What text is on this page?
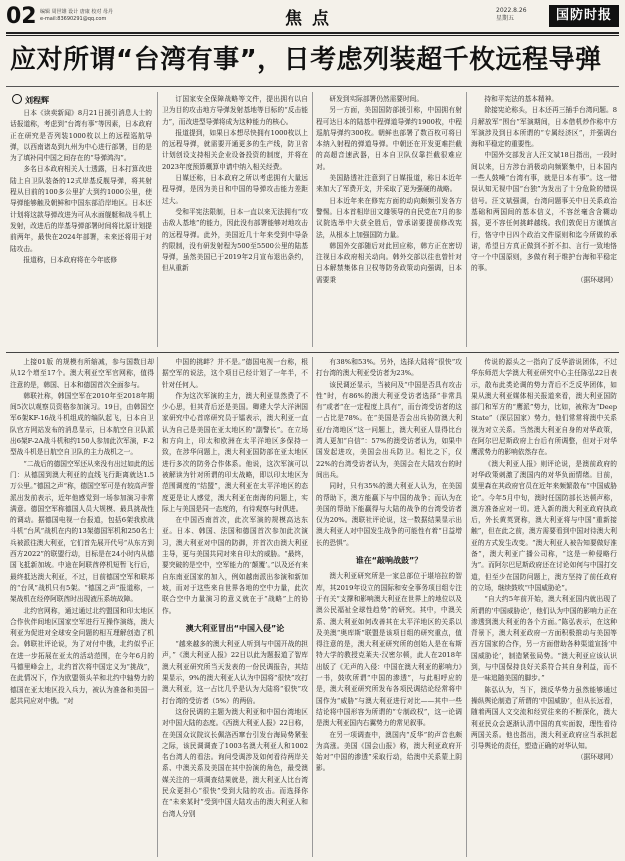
02 编辑 周世雄 设计 唐康 校对 母丹
e-mail:83690291@qq.com	焦点	2022.8.26
星期五	国防时报
应对所谓“台湾有事”，日考虑列装超千枚远程导弹
刘程辉

日本《读卖新闻》8月21日援引消息人士的话报道称，考虑到“台湾有事”等因素，日本政府正在研究是否列装1000枚以上的远程巡航导弹，以西南诸岛到九州为中心进行部署，目的是为了填补同中国之间存在的“导弹鸿沟”。

多名日本政府相关人士透露，日本打算改进陆上自卫队装备的12式岸基反舰导弹，将其射程从目前的100多公里扩大到约1000公里，使导弹能够触及朝鲜和中国东部沿岸地区。日本还计划将这款导弹改进为可从水面舰艇和战斗机上发射，改进后的岸基导弹部署时间将比原计划提前两年，最快在2024年部署，未来还将用于对陆攻击。

报道称，日本政府将在今年底修

订国家安全保障战略等文件，提出拥有以自卫为目的攻击地方导弹发射基地等目标的“反击能力”，而改进型导弹将成为这种能力的核心。

报道提到，如果日本想尽快拥有1000枚以上的远程导弹，就需要开通更多的生产线，防卫省计划创设支持相关企业设备投资的制度，并将在2023年度预算概算申请中纳入相关经费。

日媒还称，日本政府之所以考虑拥有大量远程导弹，是因为美日和中国的导弹攻击能力差距过大。

受和平宪法限制，日本一直以来无法拥有“攻击敌人基地”的能力，因此没有部署能够对地攻击的远程导弹。此外，美国近几十年来受到中导条约限制，没有研发射程为500至5500公里的陆基导弹，虽然美国已于2019年2月宣布退出条约，但从重新

研发到实际部署仍然需要时间。

另一方面，美国国防部援引称，中国拥有射程可达日本的陆基中程弹道导弹约1900枚，中程巡航导弹约300枚。朝鲜也部署了数百枚可将日本纳入射程的弹道导弹。中朝还在开发更难拦截的高超音速武器，日本自卫队仅靠拦截很难应对。

美国路透社注意到了日媒报道，称日本近年来加大了军费开支，并采取了更为强硬的战略。

日本近年来在修宪方面的动向颇频引发各方警惕。日本首相岸田文雄领导的自民党在7月的参议院选举中大获全胜后，曾承诺要提前修改宪法，从根本上加强国防力量。

韩国外交部随后对此回应称，韩方正在密切注视日本政府相关动向。韩外交部以往也曾针对日本解禁集体自卫权等防务政策动向强调，日本需要秉

持和平宪法的基本精神。

除接宪论称头，日本还再三插手台湾问题。8月解放军“围台”军演期间，日本借机炒作称中方军演涉及到日本所谓的“专属经济区”，并强调台海和平稳定的重要性。

中国外交部发言人汪文斌18日指出，一段时间以来，日方涉台消极动向频繁集中，日本国内一些人鼓噪“台湾有事，就是日本有事”。这一错误认知无视中国“台独”为发出了十分危险的错误信号。汪文斌强调，台湾问题事关中日关系政治基础和两国间的基本信义，不容丝毫含含糊动摇，更不容任何挑衅越线。我们敦促日方谨慎言行，恪守中日四个政治文件原则和迄今所做的承诺，希望日方真正做到不折不扣、言行一致地恪守一个中国原则，多做有利于维护台海和平稳定的事。

（据环球网）

上接01版 的规模有所缩减，参与国数目却从12个增至17个。澳大利亚空军官网称，值得注意的是，韩国、日本和德国首次全面参与。

韩联社称，韩国空军在2010年至2018年期间5次以观察员资格参加演习。19日，由韩国空军6架KF-16战斗机组成的编队起飞，日本自卫队官方网站发布的消息显示，日本航空自卫队派出6架F-2A战斗机和约150人参加此次军演，F-2型战斗机是日航空自卫队的主力战机之一。

“二战后的德国空军还从来没有出过如此的远门：从德国到澳大利亚的直线飞行距离就达1.5万公里。”德国之声“称，德国空军可是有较高声誉派出发前表示，近年他感觉到一场参加演习非常满意。德国空军称德国人员大规模、最具挑战性的调动。据德国电视一台报道，包括6架我欧战斗机“台风”战机在内的13架德国军机和250名士兵被派往澳大利亚，它们首先展开代号“从东方到西方2022”的联盟行动，目标是在24小时内从德国飞抵新加坡。中途在阿联酋停机短暂飞行后，最终抵达澳大利亚，不过，目前德国空军和联邦的“台风”战机只有5架。“德国之声”报道称，一架战机在经停阿联酋时出现液压系统故障。

北约官网称，通过通过北约盟国和印太地区合作伙伴间地区国家空军进行互操作演练，澳大利亚为促进对全球安全问题的相互理解创造了机会。韩联社评论说，为了对付中俄，北约似乎正在进一步拓展在亚太的活动范围，在今年6月的马德里峰会上，北约首次将中国定义为“挑战”，在此情况下，作为欧盟领头羊和北约中轴势力的德国在亚太地区投入兵力，被认为准备和美国一起共同应对中俄。“对

中国的挑衅？并不是。”德国电视一台称，根据空军的说法，这个项目已经计划了一年半，不针对任何人。

作为这次军演的主力，澳大利亚显然费了不少心思，但其背后还是美国。卿建大学大洋洲国家研究中心首席研究员于镭表示，澳大利亚一直认为自己是美国在亚太地区的“副警长”。在立场和方向上，印太和欧洲在太平洋地区多保持一致，在涉华问题上，澳大利亚国防部在亚太地区进行多次的防务合作体系。他说，这次军演可以被解读为针对所谓的印太战略，即以印太地区为范围调度的“结盟”，澳大利亚在太平洋地区的态度更是让人感觉，澳大利亚在南海的问题上，实际上与美国是同一态度的，有待观察与时俱进。

在中国西南首次，此次军演的规模高达东亚。日本、韩国、法国和德国首次参加此次演习，澳大利亚对中国的防御，并首次由澳大利亚主导，更与美国共同对来自印太的威胁。“最终，要突破的是空中，空军能力的‘颠覆’。”以及还有来自东南亚国家的加入，例如越南派出参演和新加坡，而对于这些来自世界各地的空中力量，此次联合空中力量演习的意义就在于“战略”上的协作。

澳大利亚冒出“中国入侵”论

“越来越多的澳大利亚人听到与中国开战的担声，”《澳大利亚人报》22日以此为题报道了智库澳大利亚研究所当天发表的一份民调报告，其结果显示，9%的澳大利亚人认为中国将“很快”攻打澳大利亚，这一占比几乎是认为大陆将“很快”攻打台湾的受访者（5%）的两倍。

这份民调的主题为澳大利亚和中国台湾地区对中国大陆的态度。《西澳大利亚人报》22日称，在美国众议院议长佩洛西窜台引发台海局势紧张之际，该民调调查了1003名澳大利亚人和1002名台湾人的看法。询问受调涉及如何看待两岸关系、中澳关系及美国在其中扮演的角色，最受澳媒关注的一项调查结果就是，澳大利亚人比台湾民众更担心“很快”受到大陆的攻击。而选择你在“未来某时”受到中国大陆攻击的澳大利亚人和台湾人分别

有38%和53%。另外，选择大陆将“很快”攻打台湾的澳大利亚受访者为23%。

该民调还显示，当被问及“中国是否具有攻击性”时，有86%的澳大利亚受访者选择“非常具有”或者“在一定程度上具有”，而台湾受访者的这一占比是78%。在“美国是否会出兵协防澳大利亚/台湾地区”这一问题上，澳大利亚人显得比台湾人更加“自信”：57%的澳受访者认为，如果中国发起进攻，美国会出兵防卫。相比之下，仅22%的台湾受访者认为，美国会在大陆攻台的时间出兵。

同时，只有35%的澳大利亚人认为，在美国的帮助下，澳方能赢下与中国的战争；而认为在美国的帮助下能赢得与大陆的战争的台湾受访者仅为20%。澳联社评论说，这一数据结果显示出澳大利亚人对中国发生战争的可能性有着“日益增长的恐惧”。

谁在“敲响战鼓”？

澳大利亚研究所是一家总部位于堪培拉的智库，其2019年设立的国际和安全事务项目组专注于有关“支撑和影响澳大利亚在世界上的地位以及澳公民福祉全球性趋势”的研究。其中，中澳关系、澳大利亚如何改善其在太平洋地区的关系以及美澳“奥库斯”联盟是该项目组的研究重点，值得注意的是，澳大利亚研究所的创始人是在布斯特大学的教授克莱夫·汉密尔顿，此人在2018年出版了《无声的入侵：中国在澳大利亚的影响力》一书，鼓吹所谓“中国的渗透”，与此相呼应的是，澳大利亚研究所发布各项民调结论经常将中国作为“威胁”与澳大利亚进行对比——其中一些结论将中国形容为所谓的“专制政权”，这一论调是澳大利亚国内右翼势力的常见叙事。

在另一项调查中，澳国内“反华”的声音也颇为高涨。美国《国会山报》称，澳大利亚政府开始对“中国的渗透”采取行动，给澳中关系蒙上阴影。

传说的源头之一指向了反华游说团体，不过华东师范大学澳大利亚研究中心主任陈弘22日表示，散布此类论调的势力背后不乏反华团体，如果从澳大利亚媒体相关报道来看，澳大利亚国防部门和军方的“鹰派”势力，比如，被称为“Deep State”（深层国家）势力，他们常常将澳中关系视为对立关系。当然澳大利亚自身的对华政策，在阿尔巴尼斯政府上台后有所调整，但对于对华鹰派势力的影响依然存在。

《澳大利亚人报》则评论说，是澳前政府的对华政策刺激了澳国内的对华负面情绪。目前，莫里森在其政府官员在近年来频繁散布“中国威胁论”。今年5月中旬，澳时任国防部长达顿声称，澳方准备应对一切。进入新的澳大利亚政府执政后，外长黄英贤称，澳大利亚将与中国“重新接触”，但在此之前，澳方需要看到中国对待澳大利亚的方式发生改变。“澳大利亚人被告知要做好准备”，澳大利亚广播公司称，“这是一种侵略行为”。而阿尔巴尼斯政府还在讨论如何与中国打交道，但至少在国防问题上，澳方坚持了前任政府的立场，继续鼓吹“中国威胁论”。

“自大约5年前开始，澳大利亚国内就出现了所谓的‘中国威胁论’，他们认为中国的影响力正在渗透到澳大利亚的各个方面。”陈弘表示，在这种背景下，澳大利亚政府一方面积极推动与美国等西方国家的合作，另一方面借助各种渠道宣扬‘中国威胁论’，制造紧张局势。“澳大利亚应该认识到，与中国保持良好关系符合其自身利益，而不是一味追随美国的脚步。”

陈弘认为，当下，澳反华势力虽然能够通过操纵舆论制造了所谓的‘中国威胁’，但从长远看，随着两国人文交流和经贸往来的不断深化，澳大利亚民众会逐渐认清中国的真实面貌，理性看待两国关系。他也指出，澳大利亚政府应当承担起引导舆论的责任，塑造正确的对华认知。

（据环球网）
